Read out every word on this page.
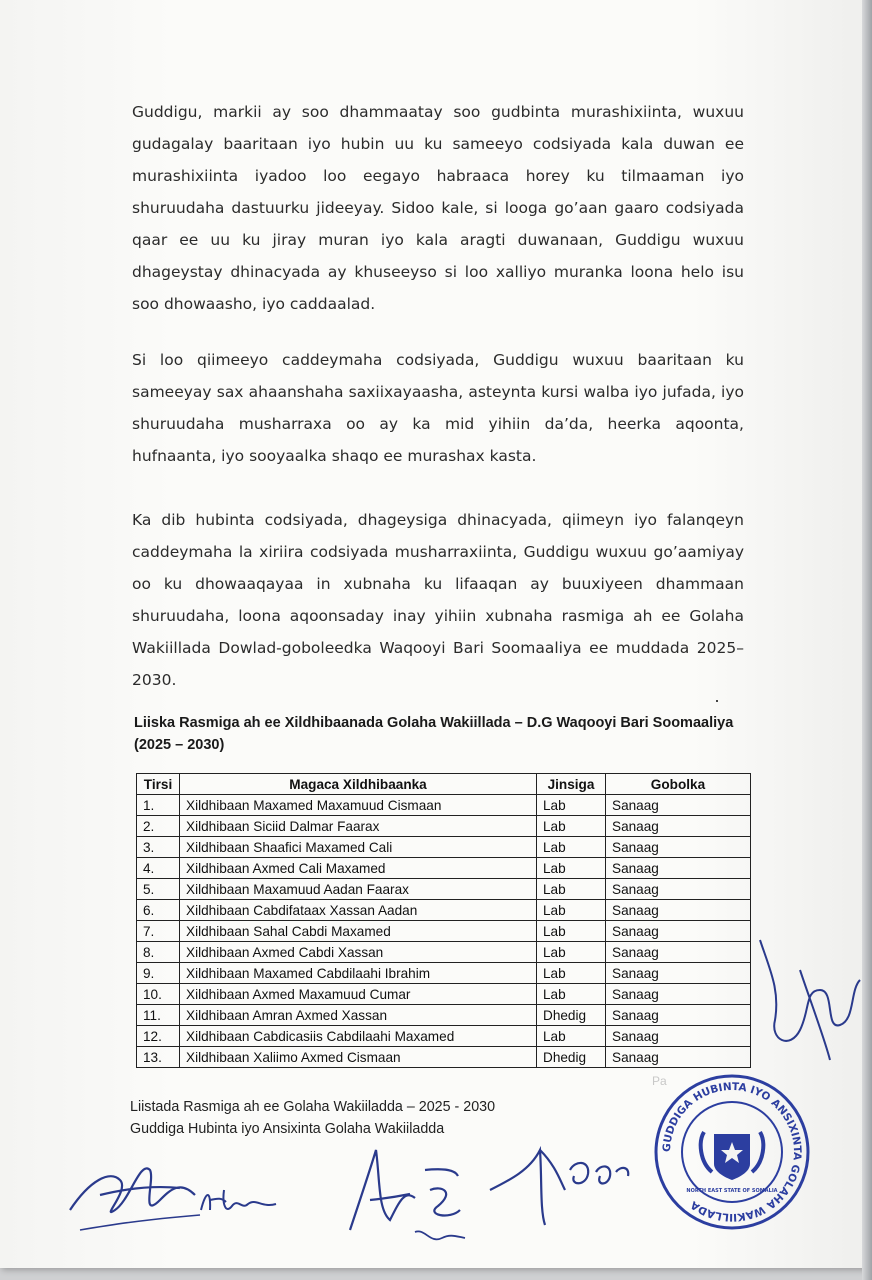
Guddigu, markii ay soo dhammaatay soo gudbinta murashixiinta, wuxuu gudagalay baaritaan iyo hubin uu ku sameeyo codsiyada kala duwan ee murashixiinta iyadoo loo eegayo habraaca horey ku tilmaaman iyo shuruudaha dastuurku jideeyay. Sidoo kale, si looga go’aan gaaro codsiyada qaar ee uu ku jiray muran iyo kala aragti duwanaan, Guddigu wuxuu dhageystay dhinacyada ay khuseeyso si loo xalliyo muranka loona helo isu soo dhowaasho, iyo caddaalad.

Si loo qiimeeyo caddeymaha codsiyada, Guddigu wuxuu baaritaan ku sameeyay sax ahaanshaha saxiixayaasha, asteynta kursi walba iyo jufada, iyo shuruudaha musharraxa oo ay ka mid yihiin da’da, heerka aqoonta, hufnaanta, iyo sooyaalka shaqo ee murashax kasta.

Ka dib hubinta codsiyada, dhageysiga dhinacyada, qiimeyn iyo falanqeyn caddeymaha la xiriira codsiyada musharraxiinta, Guddigu wuxuu go’aamiyay oo ku dhowaaqayaa in xubnaha ku lifaaqan ay buuxiyeen dhammaan shuruudaha, loona aqoonsaday inay yihiin xubnaha rasmiga ah ee Golaha Wakiillada Dowlad-goboleedka Waqooyi Bari Soomaaliya ee muddada 2025–2030.

Liiska Rasmiga ah ee Xildhibaanada Golaha Wakiillada – D.G Waqooyi Bari Soomaaliya
(2025 – 2030)
Tirsi	Magaca Xildhibaanka	Jinsiga	Gobolka
1.	Xildhibaan Maxamed Maxamuud Cismaan	Lab	Sanaag
2.	Xildhibaan Siciid Dalmar Faarax	Lab	Sanaag
3.	Xildhibaan Shaafici Maxamed Cali	Lab	Sanaag
4.	Xildhibaan Axmed Cali Maxamed	Lab	Sanaag
5.	Xildhibaan Maxamuud Aadan Faarax	Lab	Sanaag
6.	Xildhibaan Cabdifataax Xassan Aadan	Lab	Sanaag
7.	Xildhibaan Sahal Cabdi Maxamed	Lab	Sanaag
8.	Xildhibaan Axmed Cabdi Xassan	Lab	Sanaag
9.	Xildhibaan Maxamed Cabdilaahi Ibrahim	Lab	Sanaag
10.	Xildhibaan Axmed Maxamuud Cumar	Lab	Sanaag
11.	Xildhibaan Amran Axmed Xassan	Dhedig	Sanaag
12.	Xildhibaan Cabdicasiis Cabdilaahi Maxamed	Lab	Sanaag
13.	Xildhibaan Xaliimo Axmed Cismaan	Dhedig	Sanaag
Pa

Liistada Rasmiga ah ee Golaha Wakiiladda – 2025 - 2030
Guddiga Hubinta iyo Ansixinta Golaha Wakiiladda

GUDDIGA HUBINTA IYO ANSIXINTA GOLAHA WAKIILLADA
NORTH EAST STATE OF SOMALIA
